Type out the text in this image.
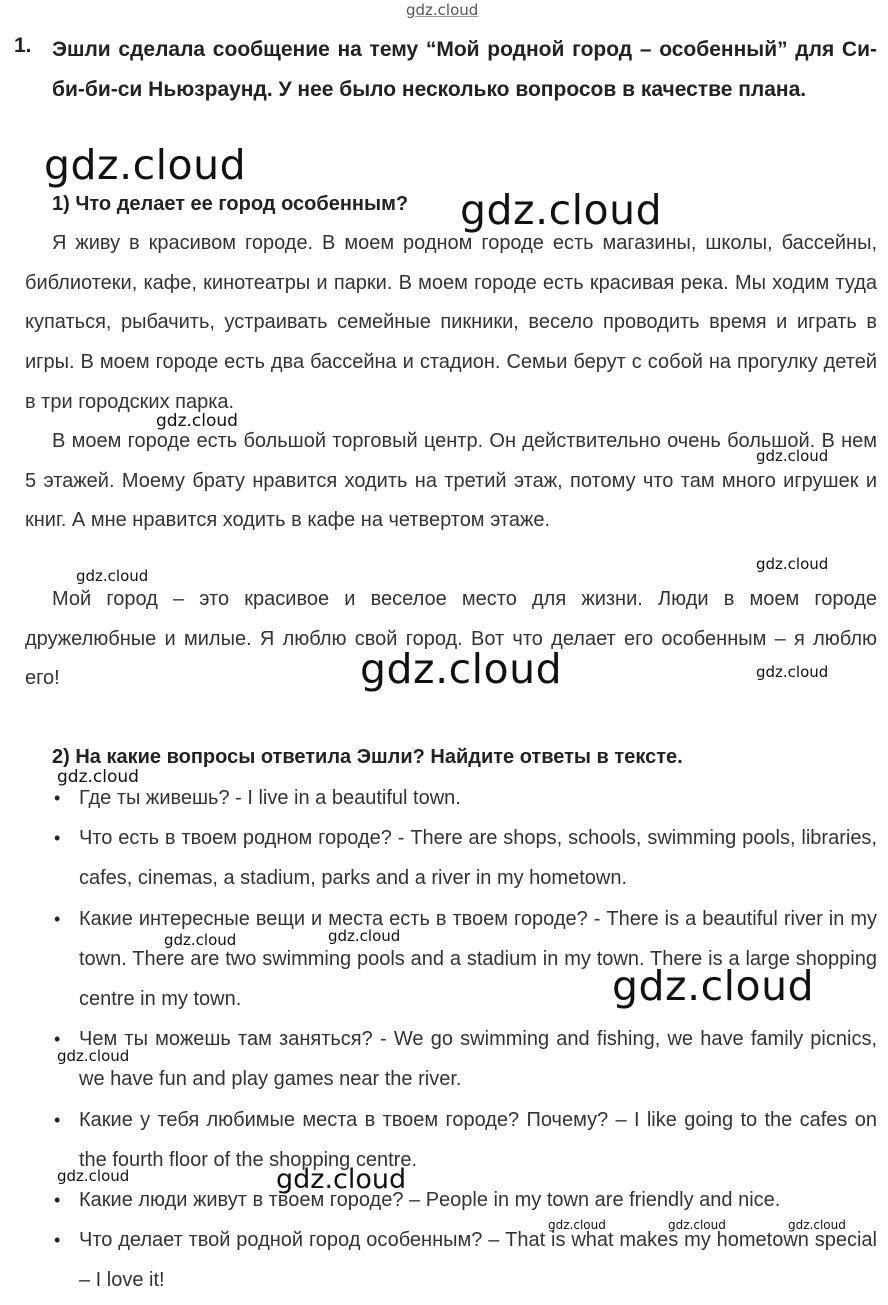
1. Эшли сделала сообщение на тему “Мой родной город – особенный” для Си-би-би-си Ньюзраунд. У нее было несколько вопросов в качестве плана.
1) Что делает ее город особенным?
Я живу в красивом городе. В моем родном городе есть магазины, школы, бассейны, библиотеки, кафе, кинотеатры и парки. В моем городе есть красивая река. Мы ходим туда купаться, рыбачить, устраивать семейные пикники, весело проводить время и играть в игры. В моем городе есть два бассейна и стадион. Семьи берут с собой на прогулку детей в три городских парка.
В моем городе есть большой торговый центр. Он действительно очень большой. В нем 5 этажей. Моему брату нравится ходить на третий этаж, потому что там много игрушек и книг. А мне нравится ходить в кафе на четвертом этаже.
Мой город – это красивое и веселое место для жизни. Люди в моем городе дружелюбные и милые. Я люблю свой город. Вот что делает его особенным – я люблю его!
2) На какие вопросы ответила Эшли? Найдите ответы в тексте.
• Где ты живешь? - I live in a beautiful town.
• Что есть в твоем родном городе? - There are shops, schools, swimming pools, libraries, cafes, cinemas, a stadium, parks and a river in my hometown.
• Какие интересные вещи и места есть в твоем городе? - There is a beautiful river in my town. There are two swimming pools and a stadium in my town. There is a large shopping centre in my town.
• Чем ты можешь там заняться? - We go swimming and fishing, we have family picnics, we have fun and play games near the river.
• Какие у тебя любимые места в твоем городе? Почему? – I like going to the cafes on the fourth floor of the shopping centre.
• Какие люди живут в твоем городе? – People in my town are friendly and nice.
• Что делает твой родной город особенным? – That is what makes my hometown special – I love it!
gdz.cloud
gdz.cloud
gdz.cloud
gdz.cloud
gdz.cloud
gdz.cloud
gdz.cloud
gdz.cloud	gdz.cloud
gdz.cloud
gdz.cloud	gdz.cloud
gdz.cloud
gdz.cloud
gdz.cloud	gdz.cloud
gdz.cloud	gdz.cloud	gdz.cloud
